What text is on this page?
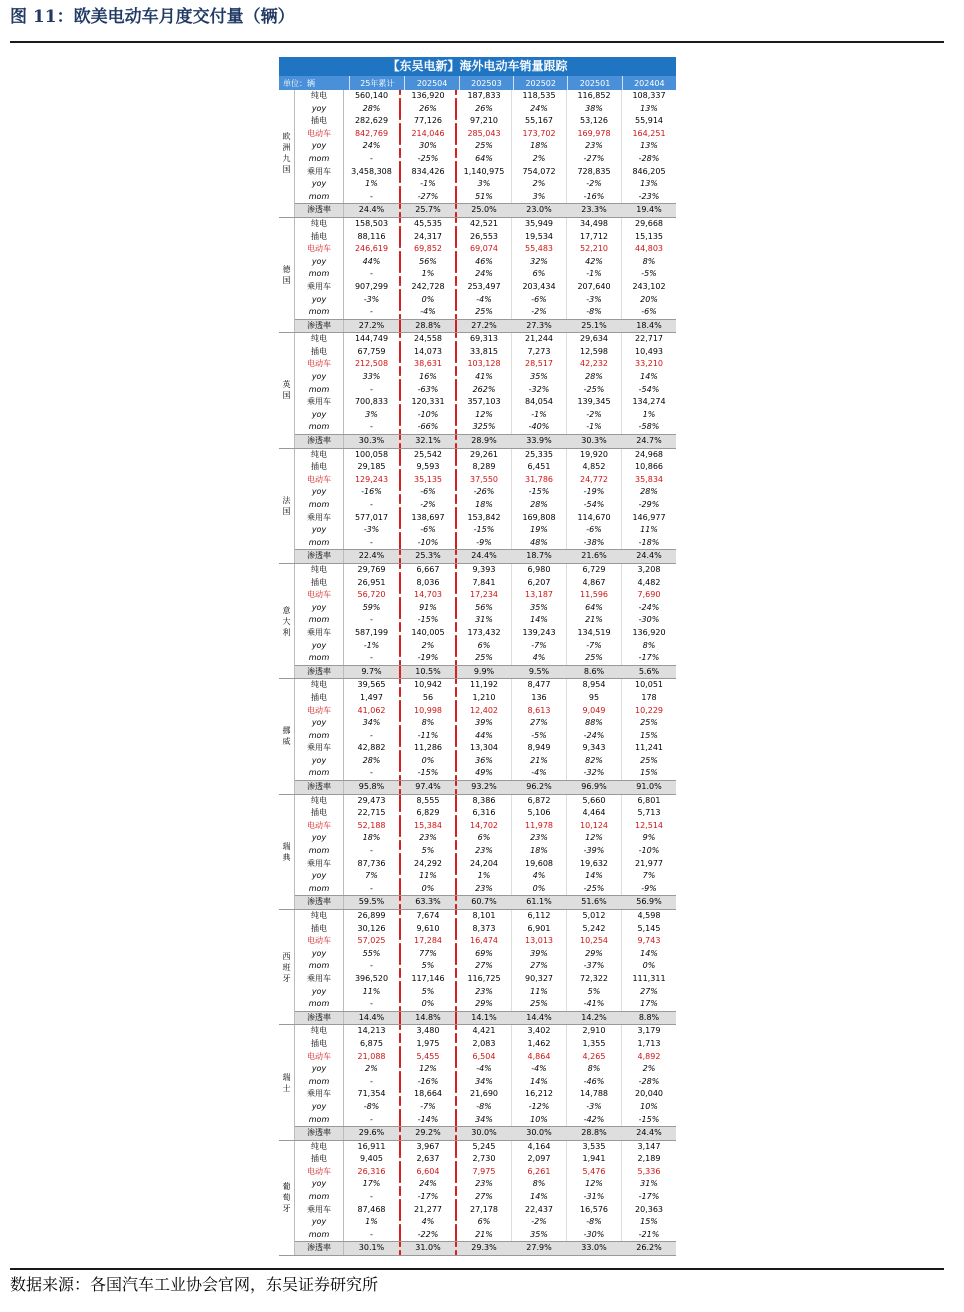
图 11：欧美电动车月度交付量（辆）
【东吴电新】海外电动车销量跟踪
单位：辆	25年累计	202504	202503	202502	202501	202404
欧洲九国
纯电	560,140	136,920	187,833	118,535	116,852	108,337
yoy	28%	26%	26%	24%	38%	13%
插电	282,629	77,126	97,210	55,167	53,126	55,914
电动车	842,769	214,046	285,043	173,702	169,978	164,251
yoy	24%	30%	25%	18%	23%	13%
mom	-	-25%	64%	2%	-27%	-28%
乘用车	3,458,308	834,426	1,140,975	754,072	728,835	846,205
yoy	1%	-1%	3%	2%	-2%	13%
mom	-	-27%	51%	3%	-16%	-23%
渗透率	24.4%	25.7%	25.0%	23.0%	23.3%	19.4%
德国
纯电	158,503	45,535	42,521	35,949	34,498	29,668
插电	88,116	24,317	26,553	19,534	17,712	15,135
电动车	246,619	69,852	69,074	55,483	52,210	44,803
yoy	44%	56%	46%	32%	42%	8%
mom	-	1%	24%	6%	-1%	-5%
乘用车	907,299	242,728	253,497	203,434	207,640	243,102
yoy	-3%	0%	-4%	-6%	-3%	20%
mom	-	-4%	25%	-2%	-8%	-6%
渗透率	27.2%	28.8%	27.2%	27.3%	25.1%	18.4%
英国
纯电	144,749	24,558	69,313	21,244	29,634	22,717
插电	67,759	14,073	33,815	7,273	12,598	10,493
电动车	212,508	38,631	103,128	28,517	42,232	33,210
yoy	33%	16%	41%	35%	28%	14%
mom	-	-63%	262%	-32%	-25%	-54%
乘用车	700,833	120,331	357,103	84,054	139,345	134,274
yoy	3%	-10%	12%	-1%	-2%	1%
mom	-	-66%	325%	-40%	-1%	-58%
渗透率	30.3%	32.1%	28.9%	33.9%	30.3%	24.7%
法国
纯电	100,058	25,542	29,261	25,335	19,920	24,968
插电	29,185	9,593	8,289	6,451	4,852	10,866
电动车	129,243	35,135	37,550	31,786	24,772	35,834
yoy	-16%	-6%	-26%	-15%	-19%	28%
mom	-	-2%	18%	28%	-54%	-29%
乘用车	577,017	138,697	153,842	169,808	114,670	146,977
yoy	-3%	-6%	-15%	19%	-6%	11%
mom	-	-10%	-9%	48%	-38%	-18%
渗透率	22.4%	25.3%	24.4%	18.7%	21.6%	24.4%
意大利
纯电	29,769	6,667	9,393	6,980	6,729	3,208
插电	26,951	8,036	7,841	6,207	4,867	4,482
电动车	56,720	14,703	17,234	13,187	11,596	7,690
yoy	59%	91%	56%	35%	64%	-24%
mom	-	-15%	31%	14%	21%	-30%
乘用车	587,199	140,005	173,432	139,243	134,519	136,920
yoy	-1%	2%	6%	-7%	-7%	8%
mom	-	-19%	25%	4%	25%	-17%
渗透率	9.7%	10.5%	9.9%	9.5%	8.6%	5.6%
挪威
纯电	39,565	10,942	11,192	8,477	8,954	10,051
插电	1,497	56	1,210	136	95	178
电动车	41,062	10,998	12,402	8,613	9,049	10,229
yoy	34%	8%	39%	27%	88%	25%
mom	-	-11%	44%	-5%	-24%	15%
乘用车	42,882	11,286	13,304	8,949	9,343	11,241
yoy	28%	0%	36%	21%	82%	25%
mom	-	-15%	49%	-4%	-32%	15%
渗透率	95.8%	97.4%	93.2%	96.2%	96.9%	91.0%
瑞典
纯电	29,473	8,555	8,386	6,872	5,660	6,801
插电	22,715	6,829	6,316	5,106	4,464	5,713
电动车	52,188	15,384	14,702	11,978	10,124	12,514
yoy	18%	23%	6%	23%	12%	9%
mom	-	5%	23%	18%	-39%	-10%
乘用车	87,736	24,292	24,204	19,608	19,632	21,977
yoy	7%	11%	1%	4%	14%	7%
mom	-	0%	23%	0%	-25%	-9%
渗透率	59.5%	63.3%	60.7%	61.1%	51.6%	56.9%
西班牙
纯电	26,899	7,674	8,101	6,112	5,012	4,598
插电	30,126	9,610	8,373	6,901	5,242	5,145
电动车	57,025	17,284	16,474	13,013	10,254	9,743
yoy	55%	77%	69%	39%	29%	14%
mom	-	5%	27%	27%	-37%	0%
乘用车	396,520	117,146	116,725	90,327	72,322	111,311
yoy	11%	5%	23%	11%	5%	27%
mom	-	0%	29%	25%	-41%	17%
渗透率	14.4%	14.8%	14.1%	14.4%	14.2%	8.8%
瑞士
纯电	14,213	3,480	4,421	3,402	2,910	3,179
插电	6,875	1,975	2,083	1,462	1,355	1,713
电动车	21,088	5,455	6,504	4,864	4,265	4,892
yoy	2%	12%	-4%	-4%	8%	2%
mom	-	-16%	34%	14%	-46%	-28%
乘用车	71,354	18,664	21,690	16,212	14,788	20,040
yoy	-8%	-7%	-8%	-12%	-3%	10%
mom	-	-14%	34%	10%	-42%	-15%
渗透率	29.6%	29.2%	30.0%	30.0%	28.8%	24.4%
葡萄牙
纯电	16,911	3,967	5,245	4,164	3,535	3,147
插电	9,405	2,637	2,730	2,097	1,941	2,189
电动车	26,316	6,604	7,975	6,261	5,476	5,336
yoy	17%	24%	23%	8%	12%	31%
mom	-	-17%	27%	14%	-31%	-17%
乘用车	87,468	21,277	27,178	22,437	16,576	20,363
yoy	1%	4%	6%	-2%	-8%	15%
mom	-	-22%	21%	35%	-30%	-21%
渗透率	30.1%	31.0%	29.3%	27.9%	33.0%	26.2%
数据来源：各国汽车工业协会官网，东吴证券研究所
